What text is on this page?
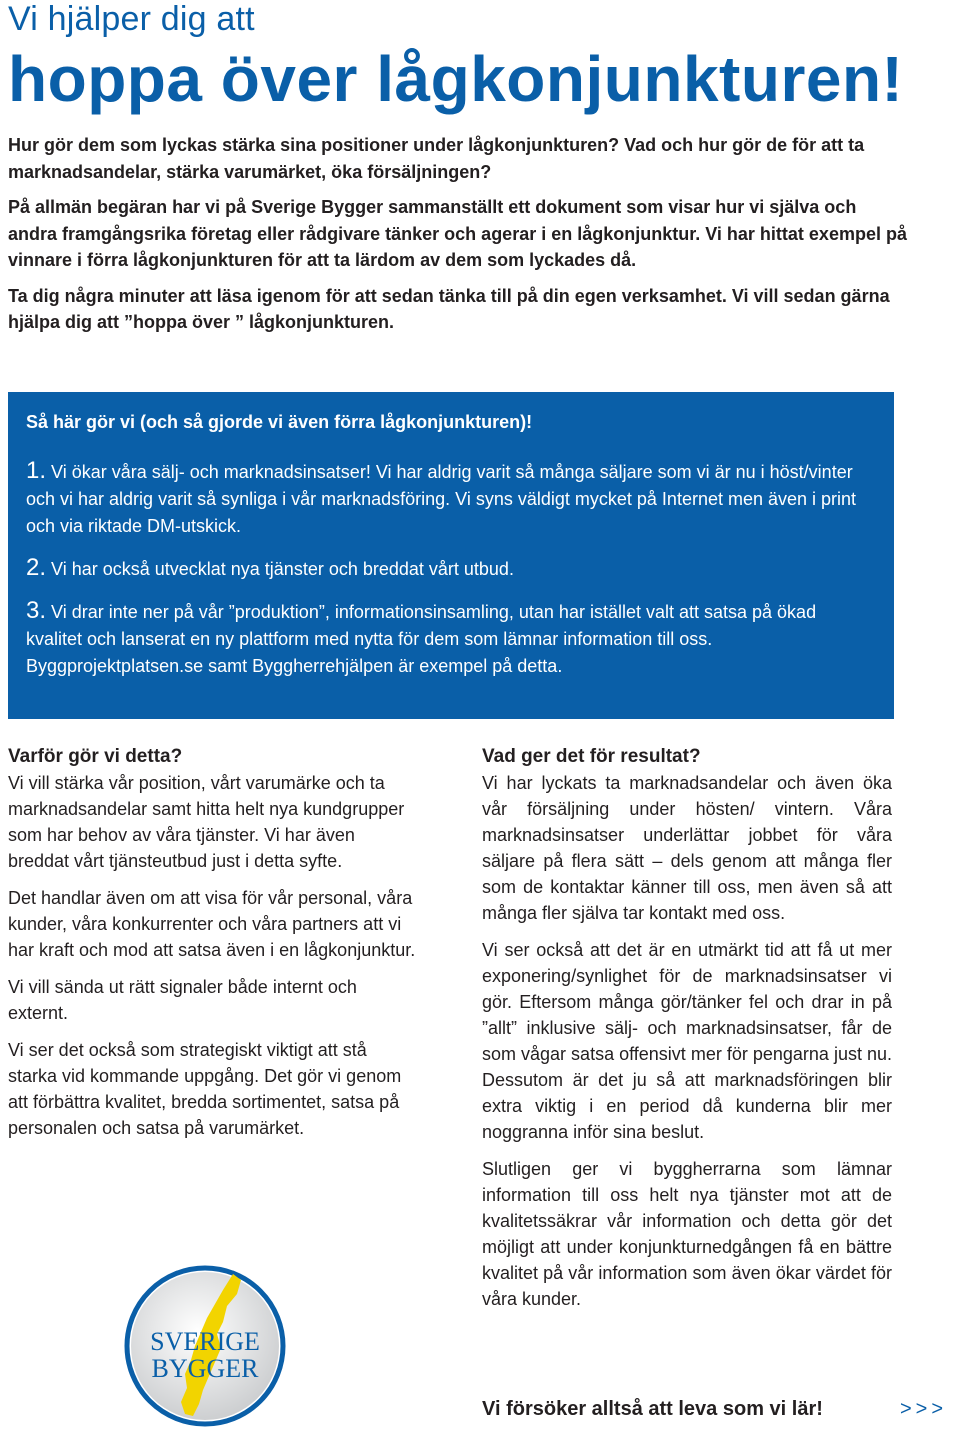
Vi hjälper dig att
hoppa över lågkonjunkturen!

Hur gör dem som lyckas stärka sina positioner under lågkonjunkturen? Vad och hur gör de för att ta marknadsandelar, stärka varumärket, öka försäljningen?

På allmän begäran har vi på Sverige Bygger sammanställt ett dokument som visar hur vi själva och andra framgångsrika företag eller rådgivare tänker och agerar i en lågkonjunktur. Vi har hittat exempel på vinnare i förra lågkonjunkturen för att ta lärdom av dem som lyckades då.

Ta dig några minuter att läsa igenom för att sedan tänka till på din egen verksamhet. Vi vill sedan gärna hjälpa dig att ”hoppa över ” lågkonjunkturen.

Så här gör vi (och så gjorde vi även förra lågkonjunkturen)!
1. Vi ökar våra sälj- och marknadsinsatser! Vi har aldrig varit så många säljare som vi är nu i höst/vinter och vi har aldrig varit så synliga i vår marknadsföring. Vi syns väldigt mycket på Internet men även i print och via riktade DM-utskick.
2. Vi har också utvecklat nya tjänster och breddat vårt utbud.
3. Vi drar inte ner på vår ”produktion”, informationsinsamling, utan har istället valt att satsa på ökad kvalitet och lanserat en ny plattform med nytta för dem som lämnar information till oss. Byggprojektplatsen.se samt Byggherrehjälpen är exempel på detta.
Varför gör vi detta?

Vi vill stärka vår position, vårt varumärke och ta marknadsandelar samt hitta helt nya kundgrupper som har behov av våra tjänster. Vi har även breddat vårt tjänsteutbud just i detta syfte.

Det handlar även om att visa för vår personal, våra kunder, våra konkurrenter och våra partners att vi har kraft och mod att satsa även i en lågkonjunktur.

Vi vill sända ut rätt signaler både internt och externt.

Vi ser det också som strategiskt viktigt att stå starka vid kommande uppgång. Det gör vi genom att förbättra kvalitet, bredda sortimentet, satsa på personalen och satsa på varumärket.

Vad ger det för resultat?

Vi har lyckats ta marknadsandelar och även öka vår försäljning under hösten/ vintern. Våra marknadsinsatser underlättar jobbet för våra säljare på flera sätt – dels genom att många fler som de kontaktar känner till oss, men även så att många fler själva tar kontakt med oss.

Vi ser också att det är en utmärkt tid att få ut mer exponering/synlighet för de marknadsinsatser vi gör. Eftersom många gör/tänker fel och drar in på ”allt” inklusive sälj- och marknadsinsatser, får de som vågar satsa offensivt mer för pengarna just nu. Dessutom är det ju så att marknadsföringen blir extra viktig i en period då kunderna blir mer noggranna inför sina beslut.

Slutligen ger vi byggherrarna som lämnar information till oss helt nya tjänster mot att de kvalitetssäkrar vår information och detta gör det möjligt att under konjunkturnedgången få en bättre kvalitet på vår information som även ökar värdet för våra kunder.

SVERIGE
BYGGER
Vi försöker alltså att leva som vi lär!	>>>
